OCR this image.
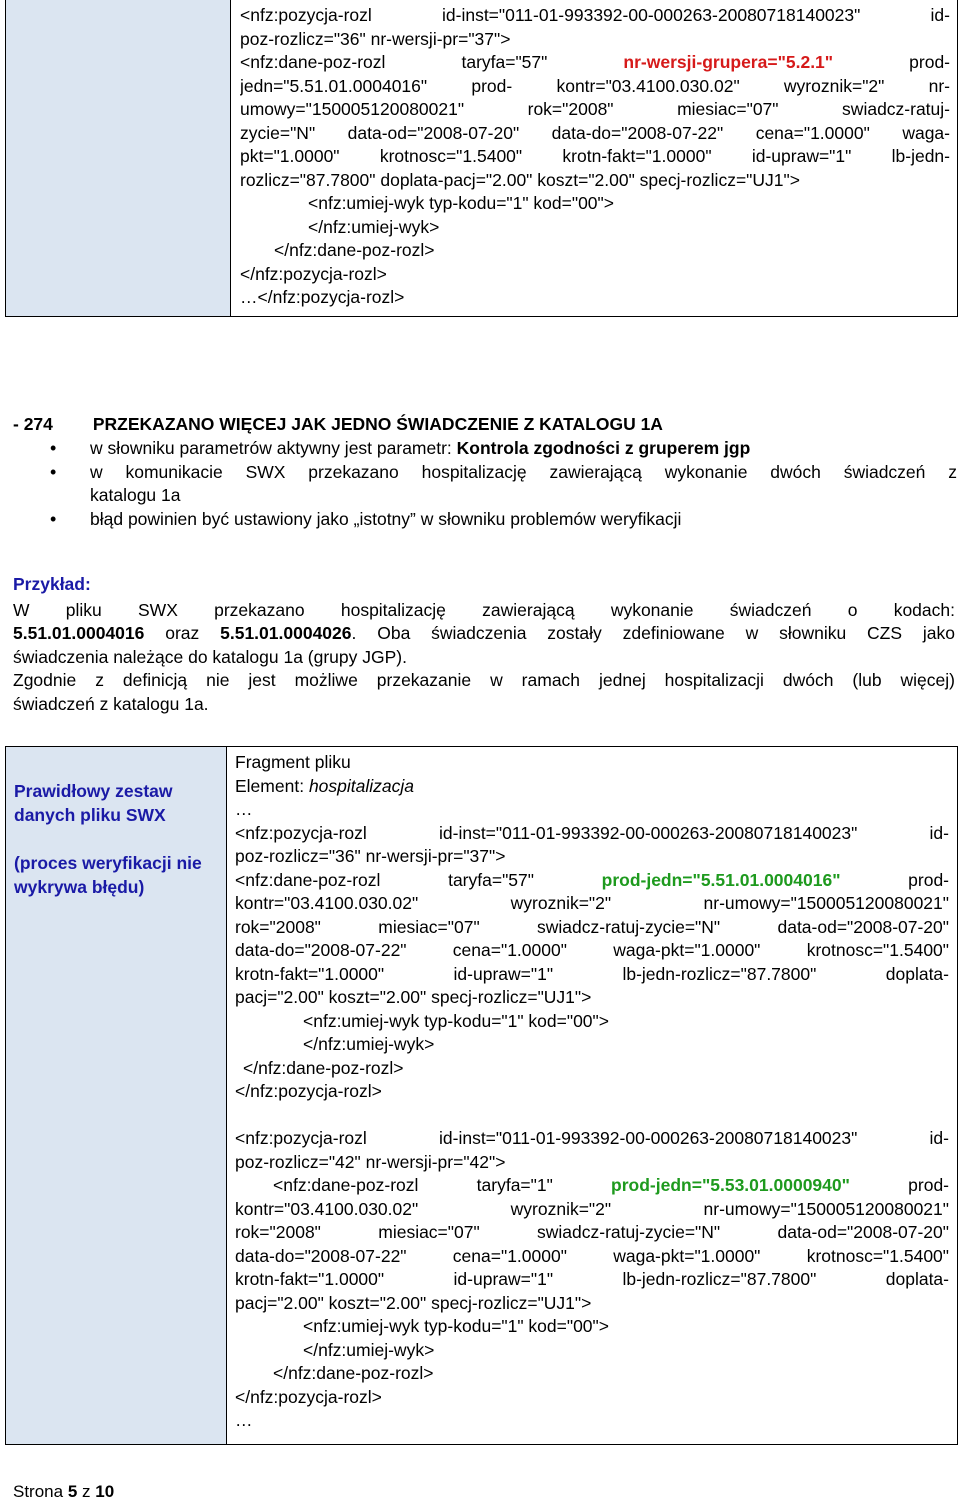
<nfz:pozycja-rozl id-inst="011-01-993392-00-000263-20080718140023" id-
poz-rozlicz="36" nr-wersji-pr="37">
<nfz:dane-poz-rozl taryfa="57" nr-wersji-grupera="5.2.1" prod-
jedn="5.51.01.0004016" prod- kontr="03.4100.030.02" wyroznik="2" nr-
umowy="150005120080021" rok="2008" miesiac="07" swiadcz-ratuj-
zycie="N" data-od="2008-07-20" data-do="2008-07-22" cena="1.0000" waga-
pkt="1.0000" krotnosc="1.5400" krotn-fakt="1.0000" id-upraw="1" lb-jedn-
rozlicz="87.7800" doplata-pacj="2.00" koszt="2.00" specj-rozlicz="UJ1">
<nfz:umiej-wyk typ-kodu="1" kod="00">
</nfz:umiej-wyk>
</nfz:dane-poz-rozl>
</nfz:pozycja-rozl>
…</nfz:pozycja-rozl>
- 274 PRZEKAZANO WIĘCEJ JAK JEDNO ŚWIADCZENIE Z KATALOGU 1A
• w słowniku parametrów aktywny jest parametr: Kontrola zgodności z gruperem jgp
• w komunikacie SWX przekazano hospitalizację zawierającą wykonanie dwóch świadczeń z
katalogu 1a
• błąd powinien być ustawiony jako „istotny” w słowniku problemów weryfikacji
Przykład:
W pliku SWX przekazano hospitalizację zawierającą wykonanie świadczeń o kodach:
5.51.01.0004016 oraz 5.51.01.0004026. Oba świadczenia zostały zdefiniowane w słowniku CZS jako
świadczenia należące do katalogu 1a (grupy JGP).
Zgodnie z definicją nie jest możliwe przekazanie w ramach jednej hospitalizacji dwóch (lub więcej)
świadczeń z katalogu 1a.
Prawidłowy zestaw danych pliku SWX
(proces weryfikacji nie wykrywa błędu)
Fragment pliku
Element: hospitalizacja
…
<nfz:pozycja-rozl id-inst="011-01-993392-00-000263-20080718140023" id-
poz-rozlicz="36" nr-wersji-pr="37">
<nfz:dane-poz-rozl taryfa="57" prod-jedn="5.51.01.0004016" prod-
kontr="03.4100.030.02" wyroznik="2" nr-umowy="150005120080021"
rok="2008" miesiac="07" swiadcz-ratuj-zycie="N" data-od="2008-07-20"
data-do="2008-07-22" cena="1.0000" waga-pkt="1.0000" krotnosc="1.5400"
krotn-fakt="1.0000" id-upraw="1" lb-jedn-rozlicz="87.7800" doplata-
pacj="2.00" koszt="2.00" specj-rozlicz="UJ1">
<nfz:umiej-wyk typ-kodu="1" kod="00">
</nfz:umiej-wyk>
</nfz:dane-poz-rozl>
</nfz:pozycja-rozl>
<nfz:pozycja-rozl id-inst="011-01-993392-00-000263-20080718140023" id-
poz-rozlicz="42" nr-wersji-pr="42">
<nfz:dane-poz-rozl taryfa="1" prod-jedn="5.53.01.0000940" prod-
kontr="03.4100.030.02" wyroznik="2" nr-umowy="150005120080021"
rok="2008" miesiac="07" swiadcz-ratuj-zycie="N" data-od="2008-07-20"
data-do="2008-07-22" cena="1.0000" waga-pkt="1.0000" krotnosc="1.5400"
krotn-fakt="1.0000" id-upraw="1" lb-jedn-rozlicz="87.7800" doplata-
pacj="2.00" koszt="2.00" specj-rozlicz="UJ1">
<nfz:umiej-wyk typ-kodu="1" kod="00">
</nfz:umiej-wyk>
</nfz:dane-poz-rozl>
</nfz:pozycja-rozl>
…
Strona 5 z 10
